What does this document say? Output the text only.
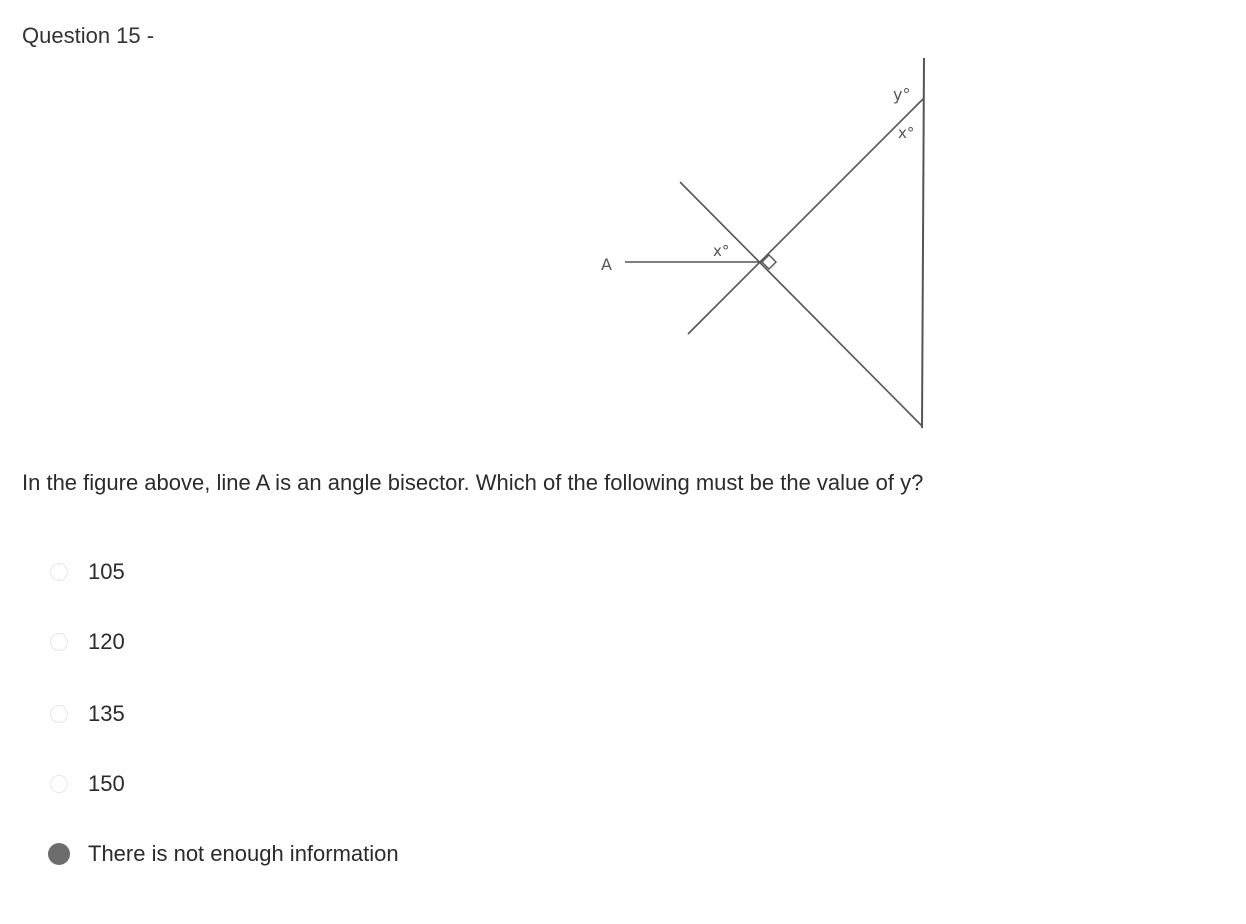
Question 15 -
A
y°
x°
x°
In the figure above, line A is an angle bisector. Which of the following must be the value of y?
105
120
135
150
There is not enough information
